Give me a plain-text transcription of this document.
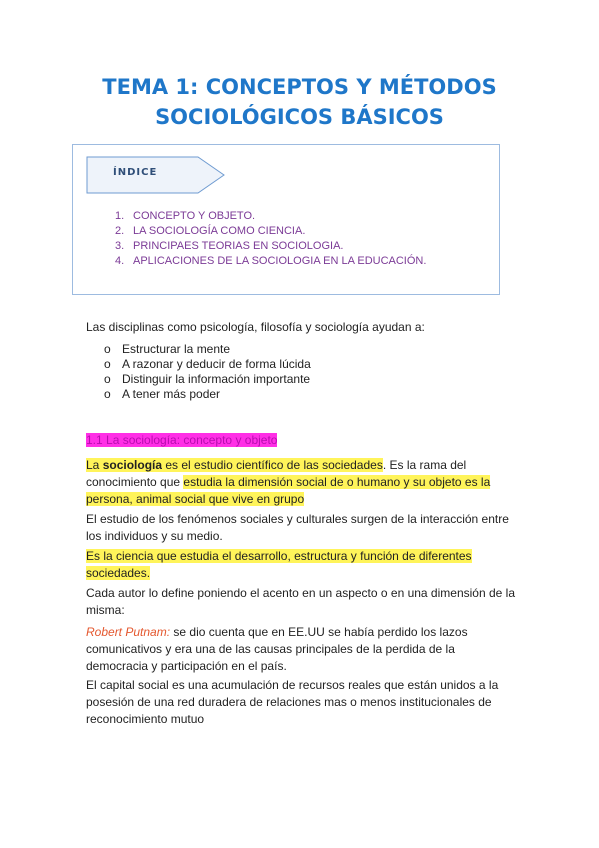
TEMA 1: CONCEPTOS Y MÉTODOS
SOCIOLÓGICOS BÁSICOS
ÍNDICE
1. CONCEPTO Y OBJETO.
2. LA SOCIOLOGÍA COMO CIENCIA.
3. PRINCIPAES TEORIAS EN SOCIOLOGIA.
4. APLICACIONES DE LA SOCIOLOGIA EN LA EDUCACIÓN.
Las disciplinas como psicología, filosofía y sociología ayudan a:
o Estructurar la mente
o A razonar y deducir de forma lúcida
o Distinguir la información importante
o A tener más poder
1.1 La sociología: concepto y objeto
La sociología es el estudio científico de las sociedades. Es la rama del conocimiento que estudia la dimensión social de o humano y su objeto es la persona, animal social que vive en grupo
El estudio de los fenómenos sociales y culturales surgen de la interacción entre los individuos y su medio.
Es la ciencia que estudia el desarrollo, estructura y función de diferentes sociedades.
Cada autor lo define poniendo el acento en un aspecto o en una dimensión de la misma:
Robert Putnam: se dio cuenta que en EE.UU se había perdido los lazos comunicativos y era una de las causas principales de la perdida de la democracia y participación en el país.
El capital social es una acumulación de recursos reales que están unidos a la posesión de una red duradera de relaciones mas o menos institucionales de reconocimiento mutuo
